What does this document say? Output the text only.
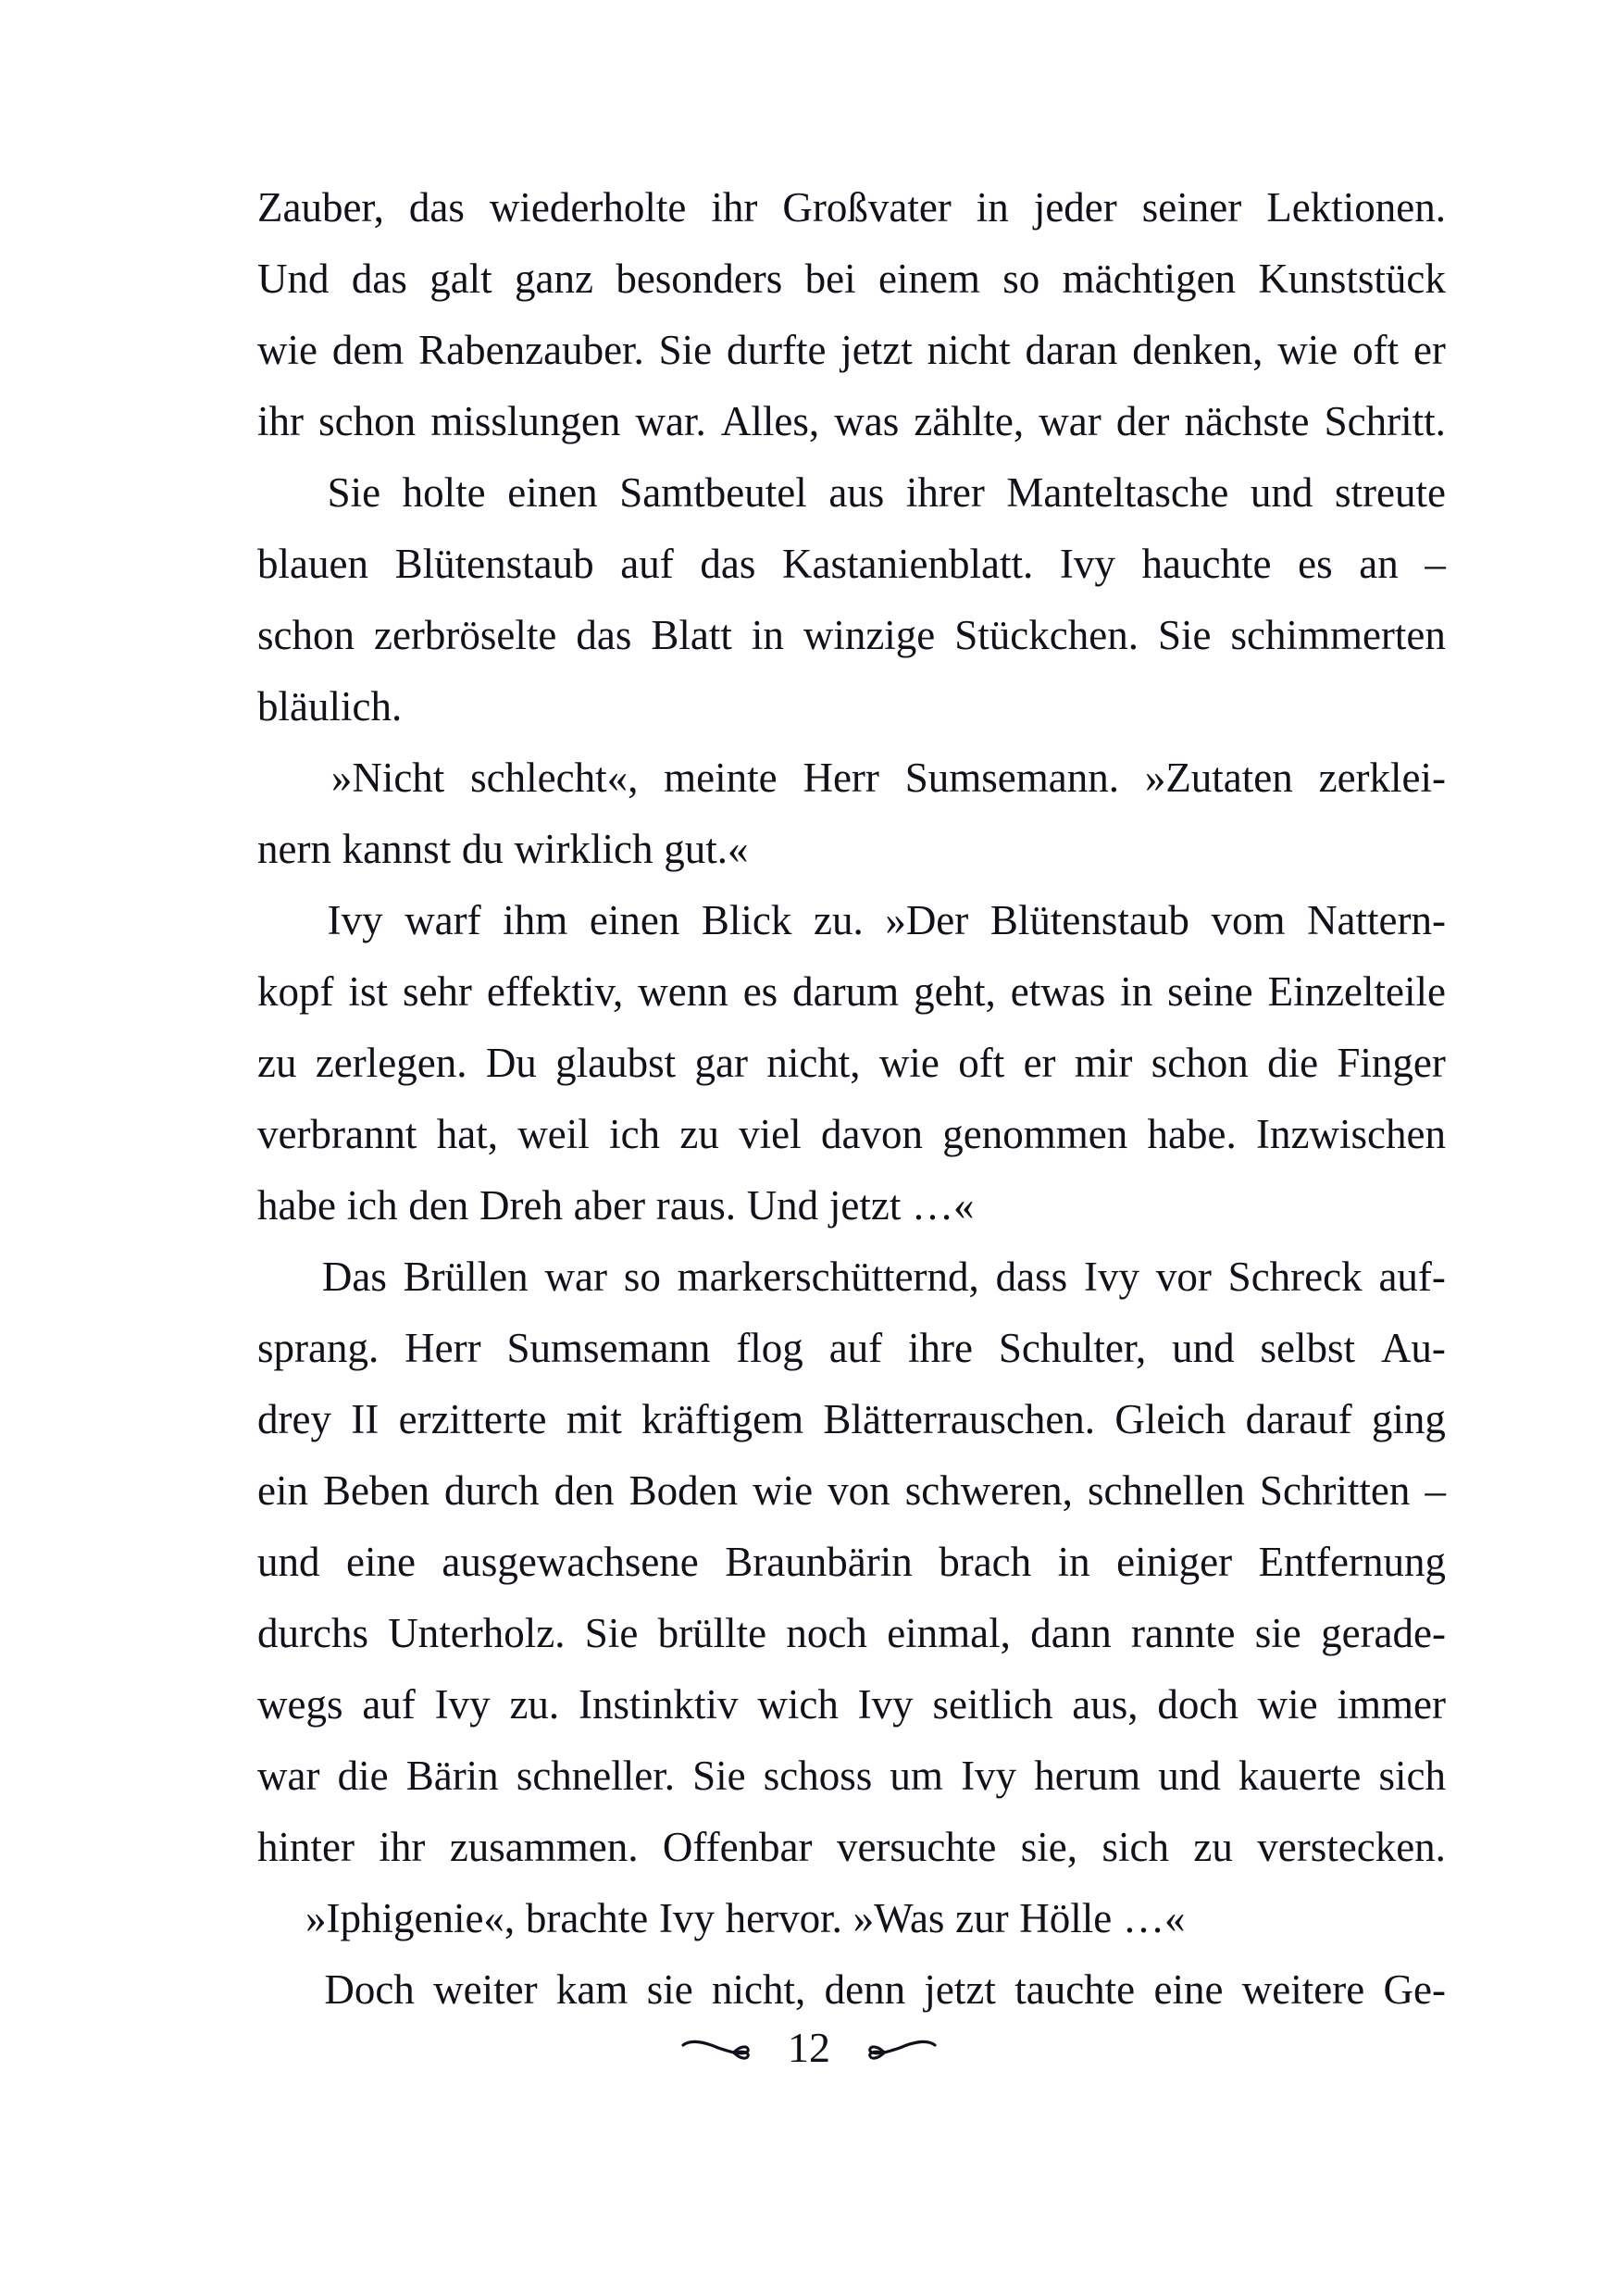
Zauber, das wiederholte ihr Großvater in jeder seiner Lektionen.
Und das galt ganz besonders bei einem so mächtigen Kunststück
wie dem Rabenzauber. Sie durfte jetzt nicht daran denken, wie oft er
ihr schon misslungen war. Alles, was zählte, war der nächste Schritt.

Sie holte einen Samtbeutel aus ihrer Manteltasche und streute
blauen Blütenstaub auf das Kastanienblatt. Ivy hauchte es an –
schon zerbröselte das Blatt in winzige Stückchen. Sie schimmerten
bläulich.

»Nicht schlecht«, meinte Herr Sumsemann. »Zutaten zerklei-
nern kannst du wirklich gut.«

Ivy warf ihm einen Blick zu. »Der Blütenstaub vom Nattern-
kopf ist sehr effektiv, wenn es darum geht, etwas in seine Einzelteile
zu zerlegen. Du glaubst gar nicht, wie oft er mir schon die Finger
verbrannt hat, weil ich zu viel davon genommen habe. Inzwischen
habe ich den Dreh aber raus. Und jetzt …«

Das Brüllen war so markerschütternd, dass Ivy vor Schreck auf-
sprang. Herr Sumsemann flog auf ihre Schulter, und selbst Au-
drey II erzitterte mit kräftigem Blätterrauschen. Gleich darauf ging
ein Beben durch den Boden wie von schweren, schnellen Schritten –
und eine ausgewachsene Braunbärin brach in einiger Entfernung
durchs Unterholz. Sie brüllte noch einmal, dann rannte sie gerade-
wegs auf Ivy zu. Instinktiv wich Ivy seitlich aus, doch wie immer
war die Bärin schneller. Sie schoss um Ivy herum und kauerte sich
hinter ihr zusammen. Offenbar versuchte sie, sich zu verstecken.

»Iphigenie«, brachte Ivy hervor. »Was zur Hölle …«

Doch weiter kam sie nicht, denn jetzt tauchte eine weitere Ge-

12
